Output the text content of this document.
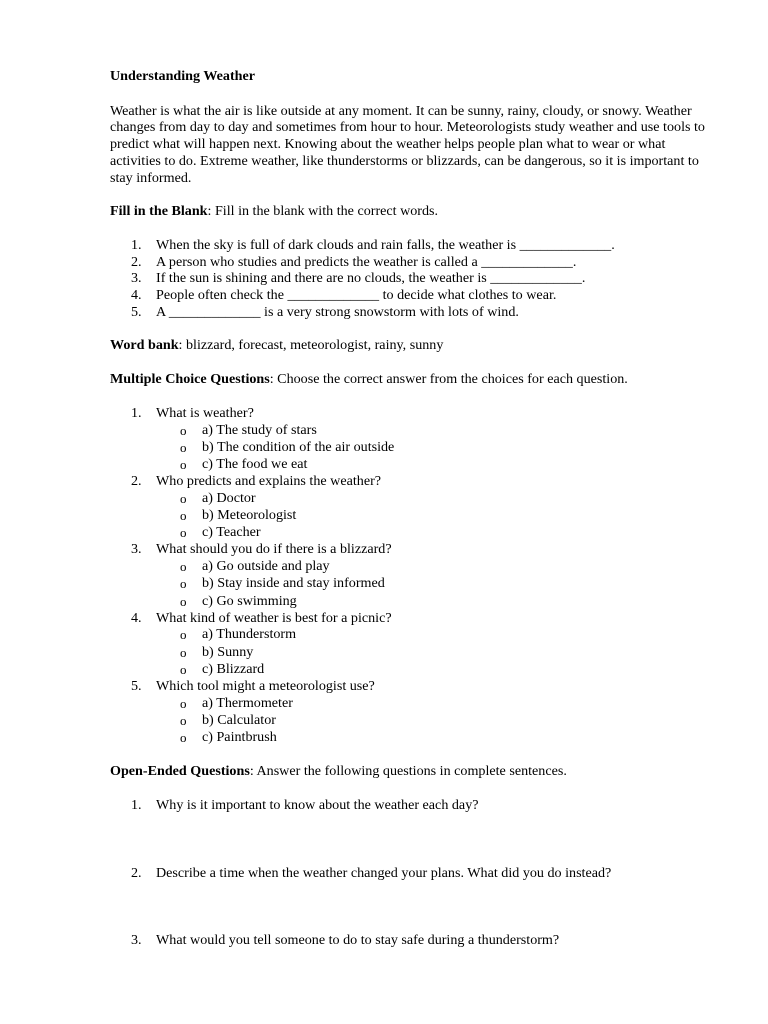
Understanding Weather

Weather is what the air is like outside at any moment. It can be sunny, rainy, cloudy, or snowy. Weather changes from day to day and sometimes from hour to hour. Meteorologists study weather and use tools to predict what will happen next. Knowing about the weather helps people plan what to wear or what activities to do. Extreme weather, like thunderstorms or blizzards, can be dangerous, so it is important to stay informed.

Fill in the Blank: Fill in the blank with the correct words.

1.	When the sky is full of dark clouds and rain falls, the weather is _____________.
2.	A person who studies and predicts the weather is called a _____________.
3.	If the sun is shining and there are no clouds, the weather is _____________.
4.	People often check the _____________ to decide what clothes to wear.
5.	A _____________ is a very strong snowstorm with lots of wind.

Word bank: blizzard, forecast, meteorologist, rainy, sunny

Multiple Choice Questions: Choose the correct answer from the choices for each question.

1.	What is weather?
o a) The study of stars
o b) The condition of the air outside
o c) The food we eat
2.	Who predicts and explains the weather?
o a) Doctor
o b) Meteorologist
o c) Teacher
3.	What should you do if there is a blizzard?
o a) Go outside and play
o b) Stay inside and stay informed
o c) Go swimming
4.	What kind of weather is best for a picnic?
o a) Thunderstorm
o b) Sunny
o c) Blizzard
5.	Which tool might a meteorologist use?
o a) Thermometer
o b) Calculator
o c) Paintbrush

Open-Ended Questions: Answer the following questions in complete sentences.

1. Why is it important to know about the weather each day?
2. Describe a time when the weather changed your plans. What did you do instead?
3. What would you tell someone to do to stay safe during a thunderstorm?
